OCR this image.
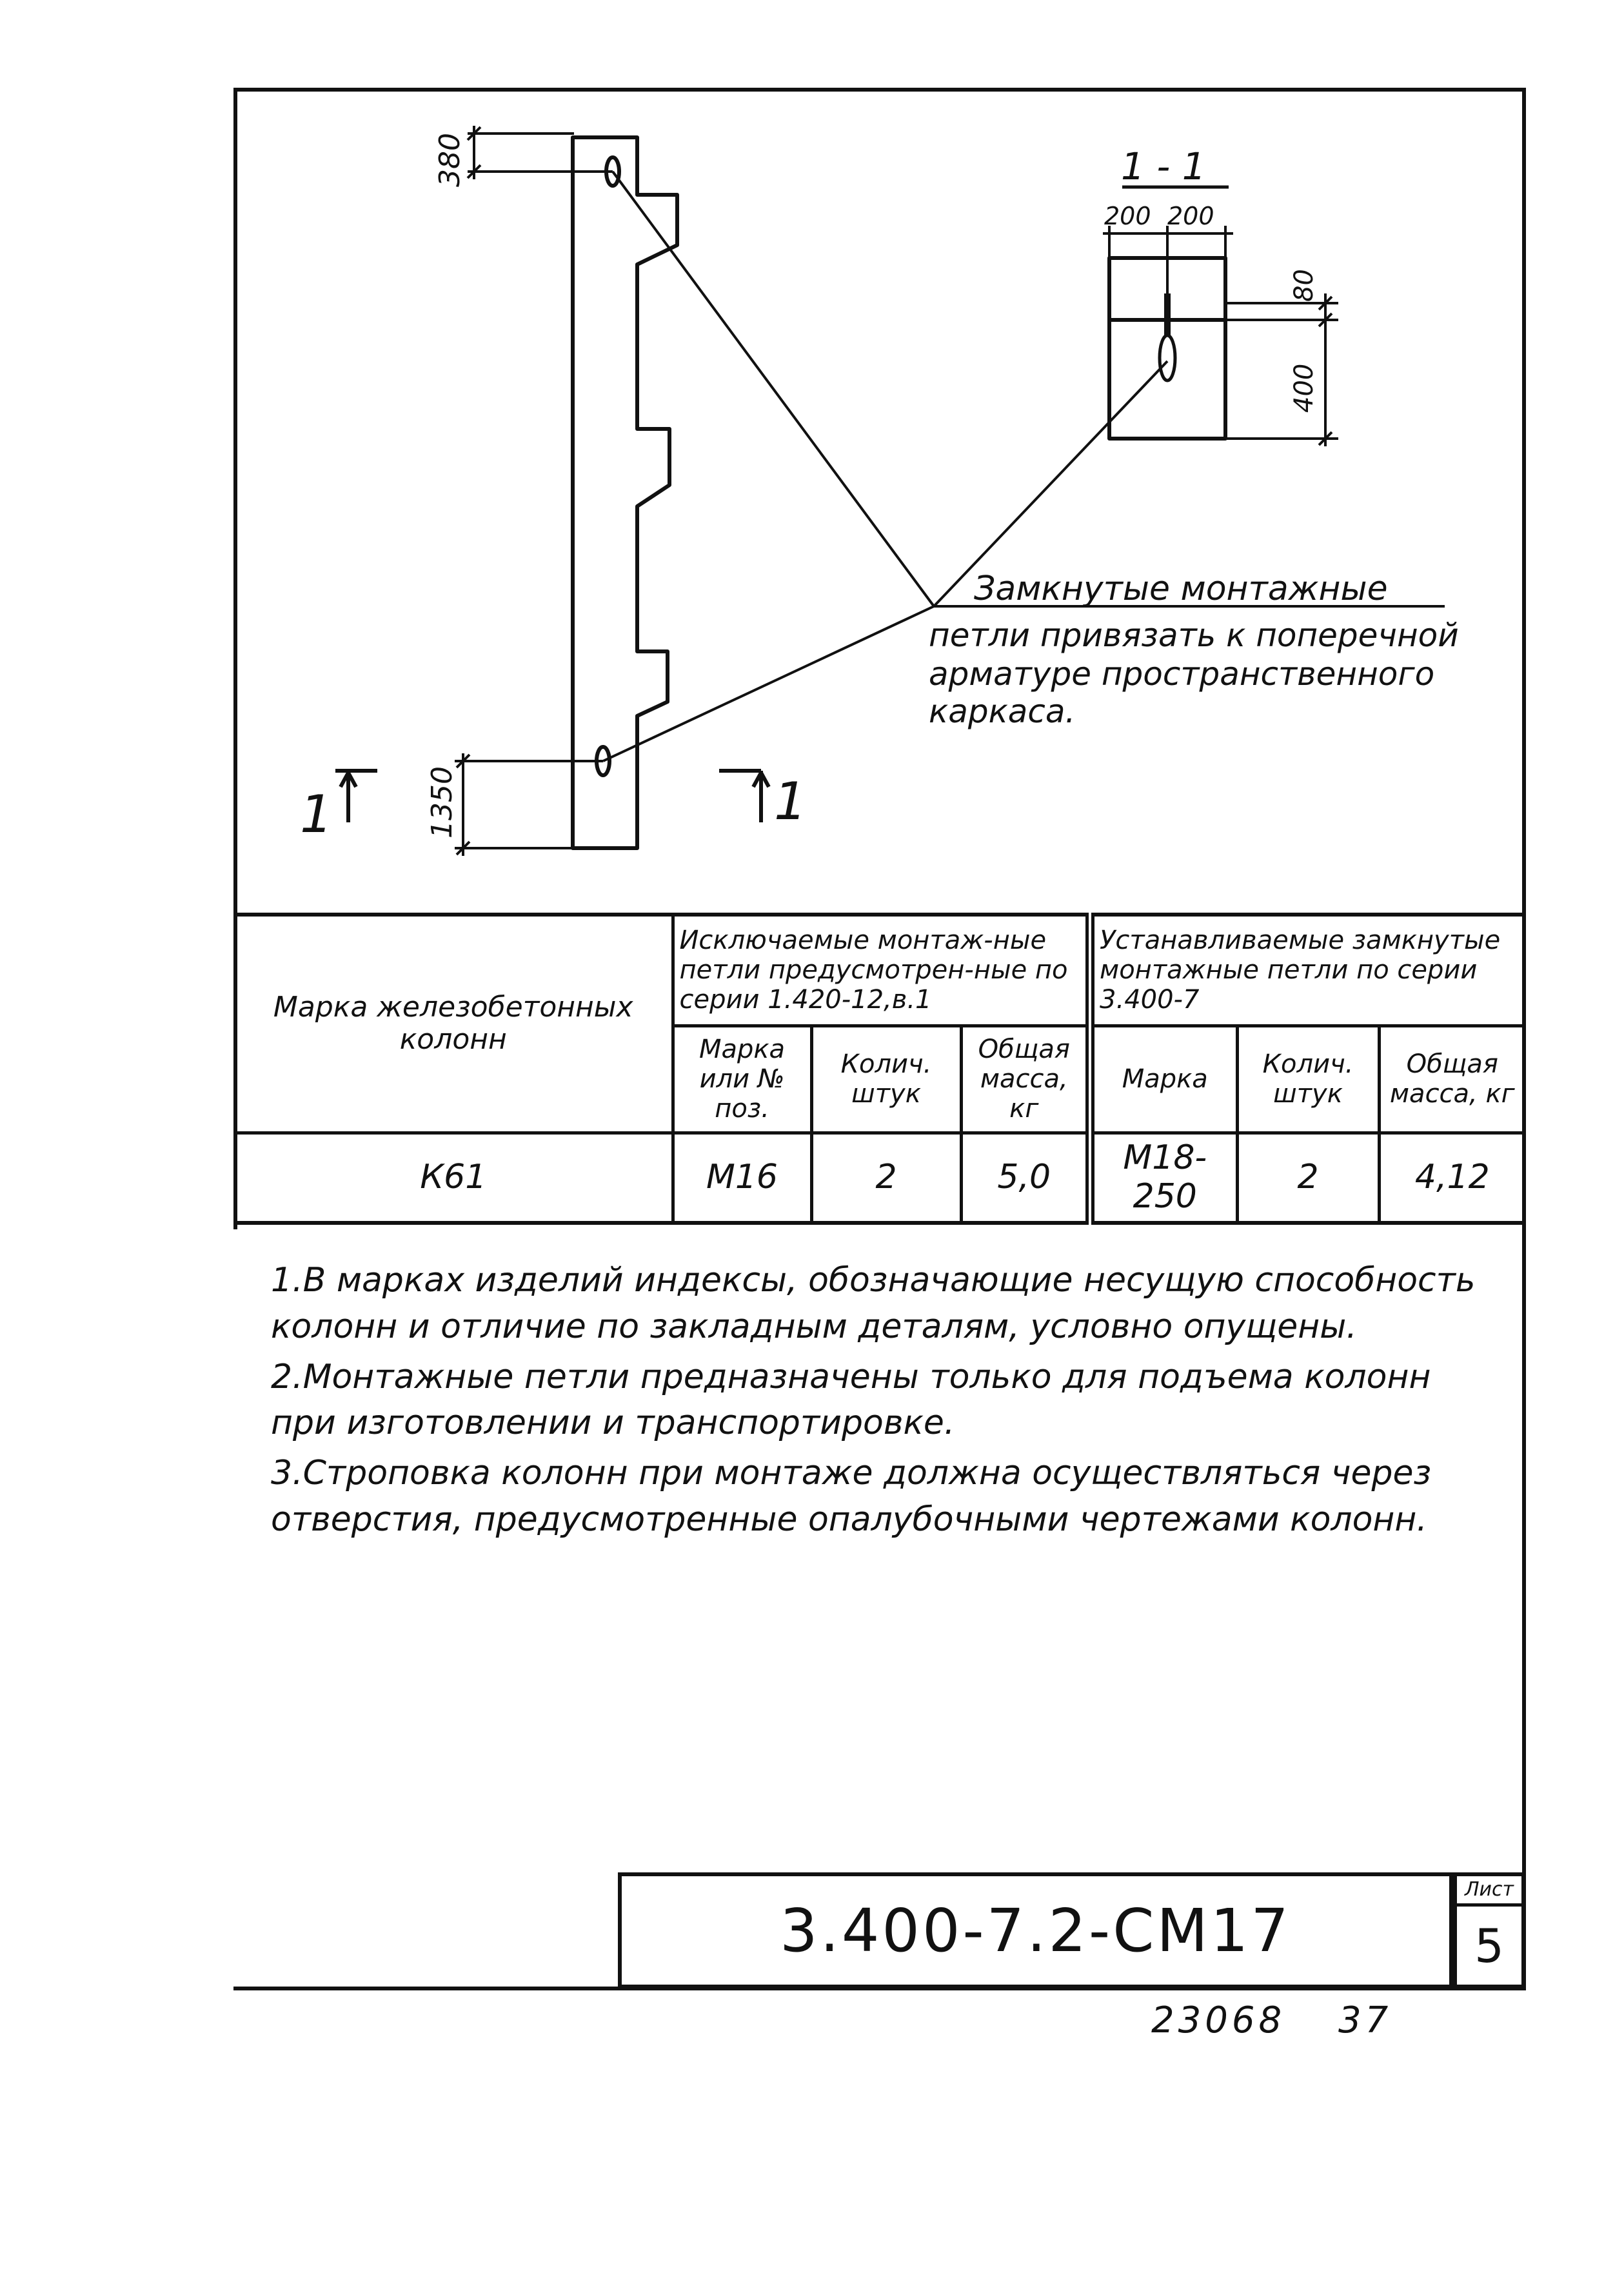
380
1350
1	1
1 - 1
200 200
80
400
Замкнутые монтажные
петли привязать к поперечной
арматуре пространственного
каркаса.
Марка железобетонных колонн	Исключаемые монтаж-ные петли предусмотрен-ные по серии 1.420-12,в.1			Устанавливаемые замкнутые монтажные петли по серии 3.400-7		
	Марка или № поз.	Колич. штук	Общая масса, кг	Марка	Колич. штук	Общая масса, кг
К61	М16	2	5,0	М18-250	2	4,12

1.В марках изделий индексы, обозначающие несущую способность колонн и отличие по закладным деталям, условно опущены.

2.Монтажные петли предназначены только для подъема колонн при изготовлении и транспортировке.

3.Строповка колонн при монтаже должна осуществляться через отверстия, предусмотренные опалубочными чертежами колонн.

3.400-7.2-СМ17
Лист
5
23068 37
